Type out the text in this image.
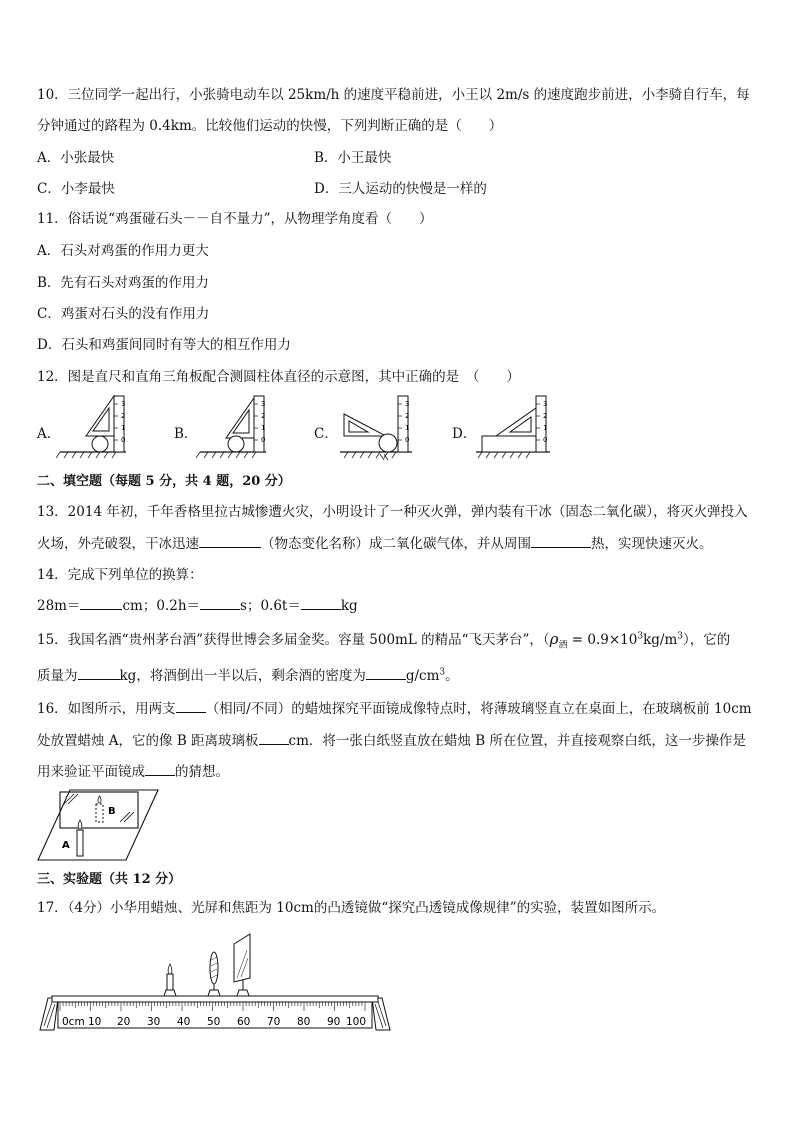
10．三位同学一起出行，小张骑电动车以 25km/h 的速度平稳前进，小王以 2m/s 的速度跑步前进，小李骑自行车，每
分钟通过的路程为 0.4km。比较他们运动的快慢，下列判断正确的是（　　）
A．小张最快	B．小王最快
C．小李最快	D．三人运动的快慢是一样的
11．俗话说“鸡蛋碰石头－－自不量力”，从物理学角度看（　　）
A．石头对鸡蛋的作用力更大
B．先有石头对鸡蛋的作用力
C．鸡蛋对石头的没有作用力
D．石头和鸡蛋间同时有等大的相互作用力
12．图是直尺和直角三角板配合测圆柱体直径的示意图，其中正确的是　（　　）
A．	B．	C．	D．
3
2
1
0
3
2
1
0
3
2
1
0
3
2
1
0
二、填空题（每题 5 分，共 4 题，20 分）
13．2014 年初，千年香格里拉古城惨遭火灾，小明设计了一种灭火弹，弹内装有干冰（固态二氧化碳），将灭火弹投入
火场，外壳破裂，干冰迅速	（物态变化名称）成二氧化碳气体，并从周围	热，实现快速灭火。
14．完成下列单位的换算：
28m＝	cm；0.2h＝	s；0.6t＝	kg
15．我国名酒“贵州茅台酒”获得世博会多届金奖。容量 500mL 的精品“飞天茅台”，$(\rho_酒 = 0.9\times 10^3kg/m^3)$，它的
质量为	kg，将酒倒出一半以后，剩余酒的密度为	$g/cm^3$。
16．如图所示，用两支 （相同/不同）的蜡烛探究平面镜成像特点时，将薄玻璃竖直立在桌面上，在玻璃板前 10cm
处放置蜡烛 A，它的像 B 距离玻璃板 cm．将一张白纸竖直放在蜡烛 B 所在位置，并直接观察白纸，这一步操作是
用来验证平面镜成 的猜想。
B
A
三、实验题（共 12 分）
17．（4分）小华用蜡烛、光屏和焦距为 10cm的凸透镜做“探究凸透镜成像规律”的实验，装置如图所示。
0cm 10 20 30 40 50 60 70 80 90 100
